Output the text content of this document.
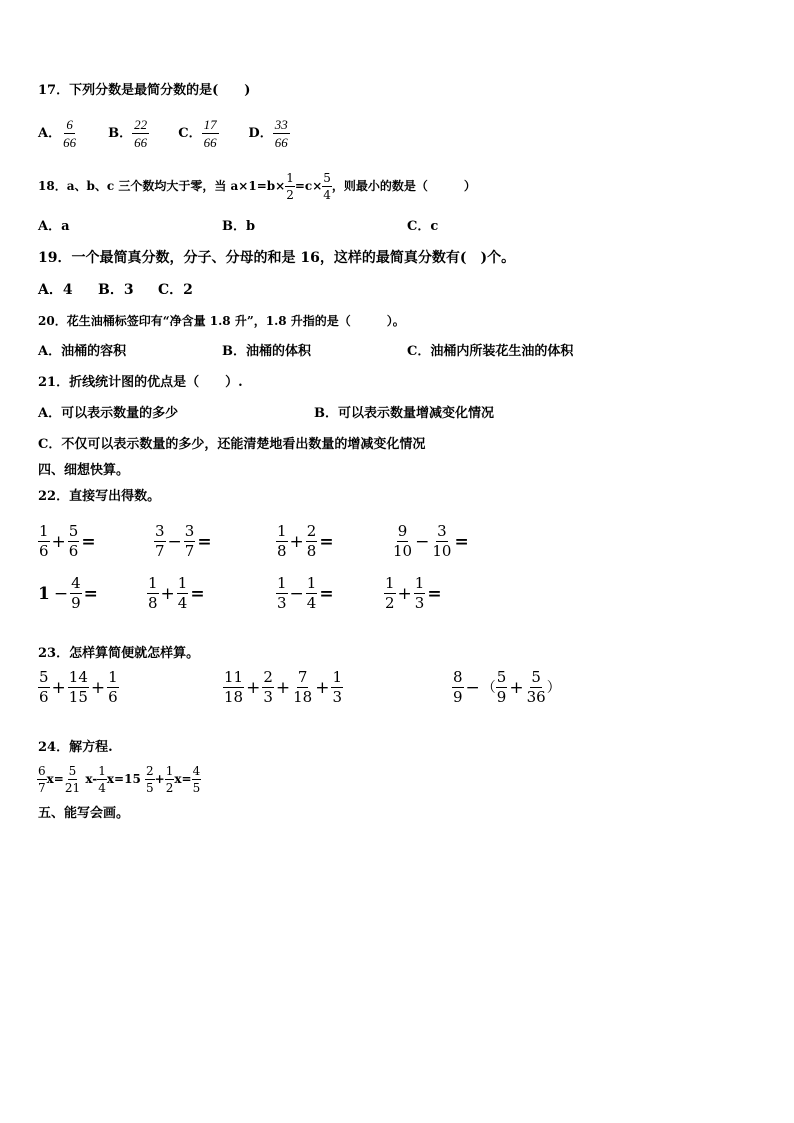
17．下列分数是最简分数的是(　　)
A． $\frac{6}{66}$ B． $\frac{22}{66}$ C． $\frac{17}{66}$ D． $\frac{33}{66}$
18．a、b、c 三个数均大于零，当 $a\times 1=b\times \frac{1}{2} =c\times \frac{5}{4}$ ，则最小的数是（　　　）
A．a	B．b	C．c
19．一个最简真分数，分子、分母的和是 16，这样的最简真分数有(　)个。
A．4 B．3 C．2
20．花生油桶标签印有“净含量 1.8 升”，1.8 升指的是（　　　）。
A．油桶的容积	B．油桶的体积	C．油桶内所装花生油的体积
21．折线统计图的优点是（　　）.
A．可以表示数量的多少	B．可以表示数量增减变化情况
C．不仅可以表示数量的多少，还能清楚地看出数量的增减变化情况
四、细想快算。
22．直接写出得数。
$\frac{1}{6} + \frac{5}{6}$ =	$\frac{3}{7} - \frac{3}{7}$ =	$\frac{1}{8} + \frac{2}{8}$ =	$\frac{9}{10} - \frac{3}{10}$ =
$1 - \frac{4}{9}$ =	$\frac{1}{8} + \frac{1}{4}$ =	$\frac{1}{3} - \frac{1}{4}$ =	$\frac{1}{2} + \frac{1}{3}$ =
23．怎样算简便就怎样算。
$\frac{5}{6} + \frac{14}{15} + \frac{1}{6}$	$\frac{11}{18} + \frac{2}{3} + \frac{7}{18} + \frac{1}{3}$	$\frac{8}{9}$ − （ $\frac{5}{9} + \frac{5}{36}$ ）
24．解方程.
$\frac{6}{7} x= \frac{5}{21} x- \frac{1}{4} x=15 \frac{2}{5} + \frac{1}{2} x= \frac{4}{5}$
五、能写会画。
